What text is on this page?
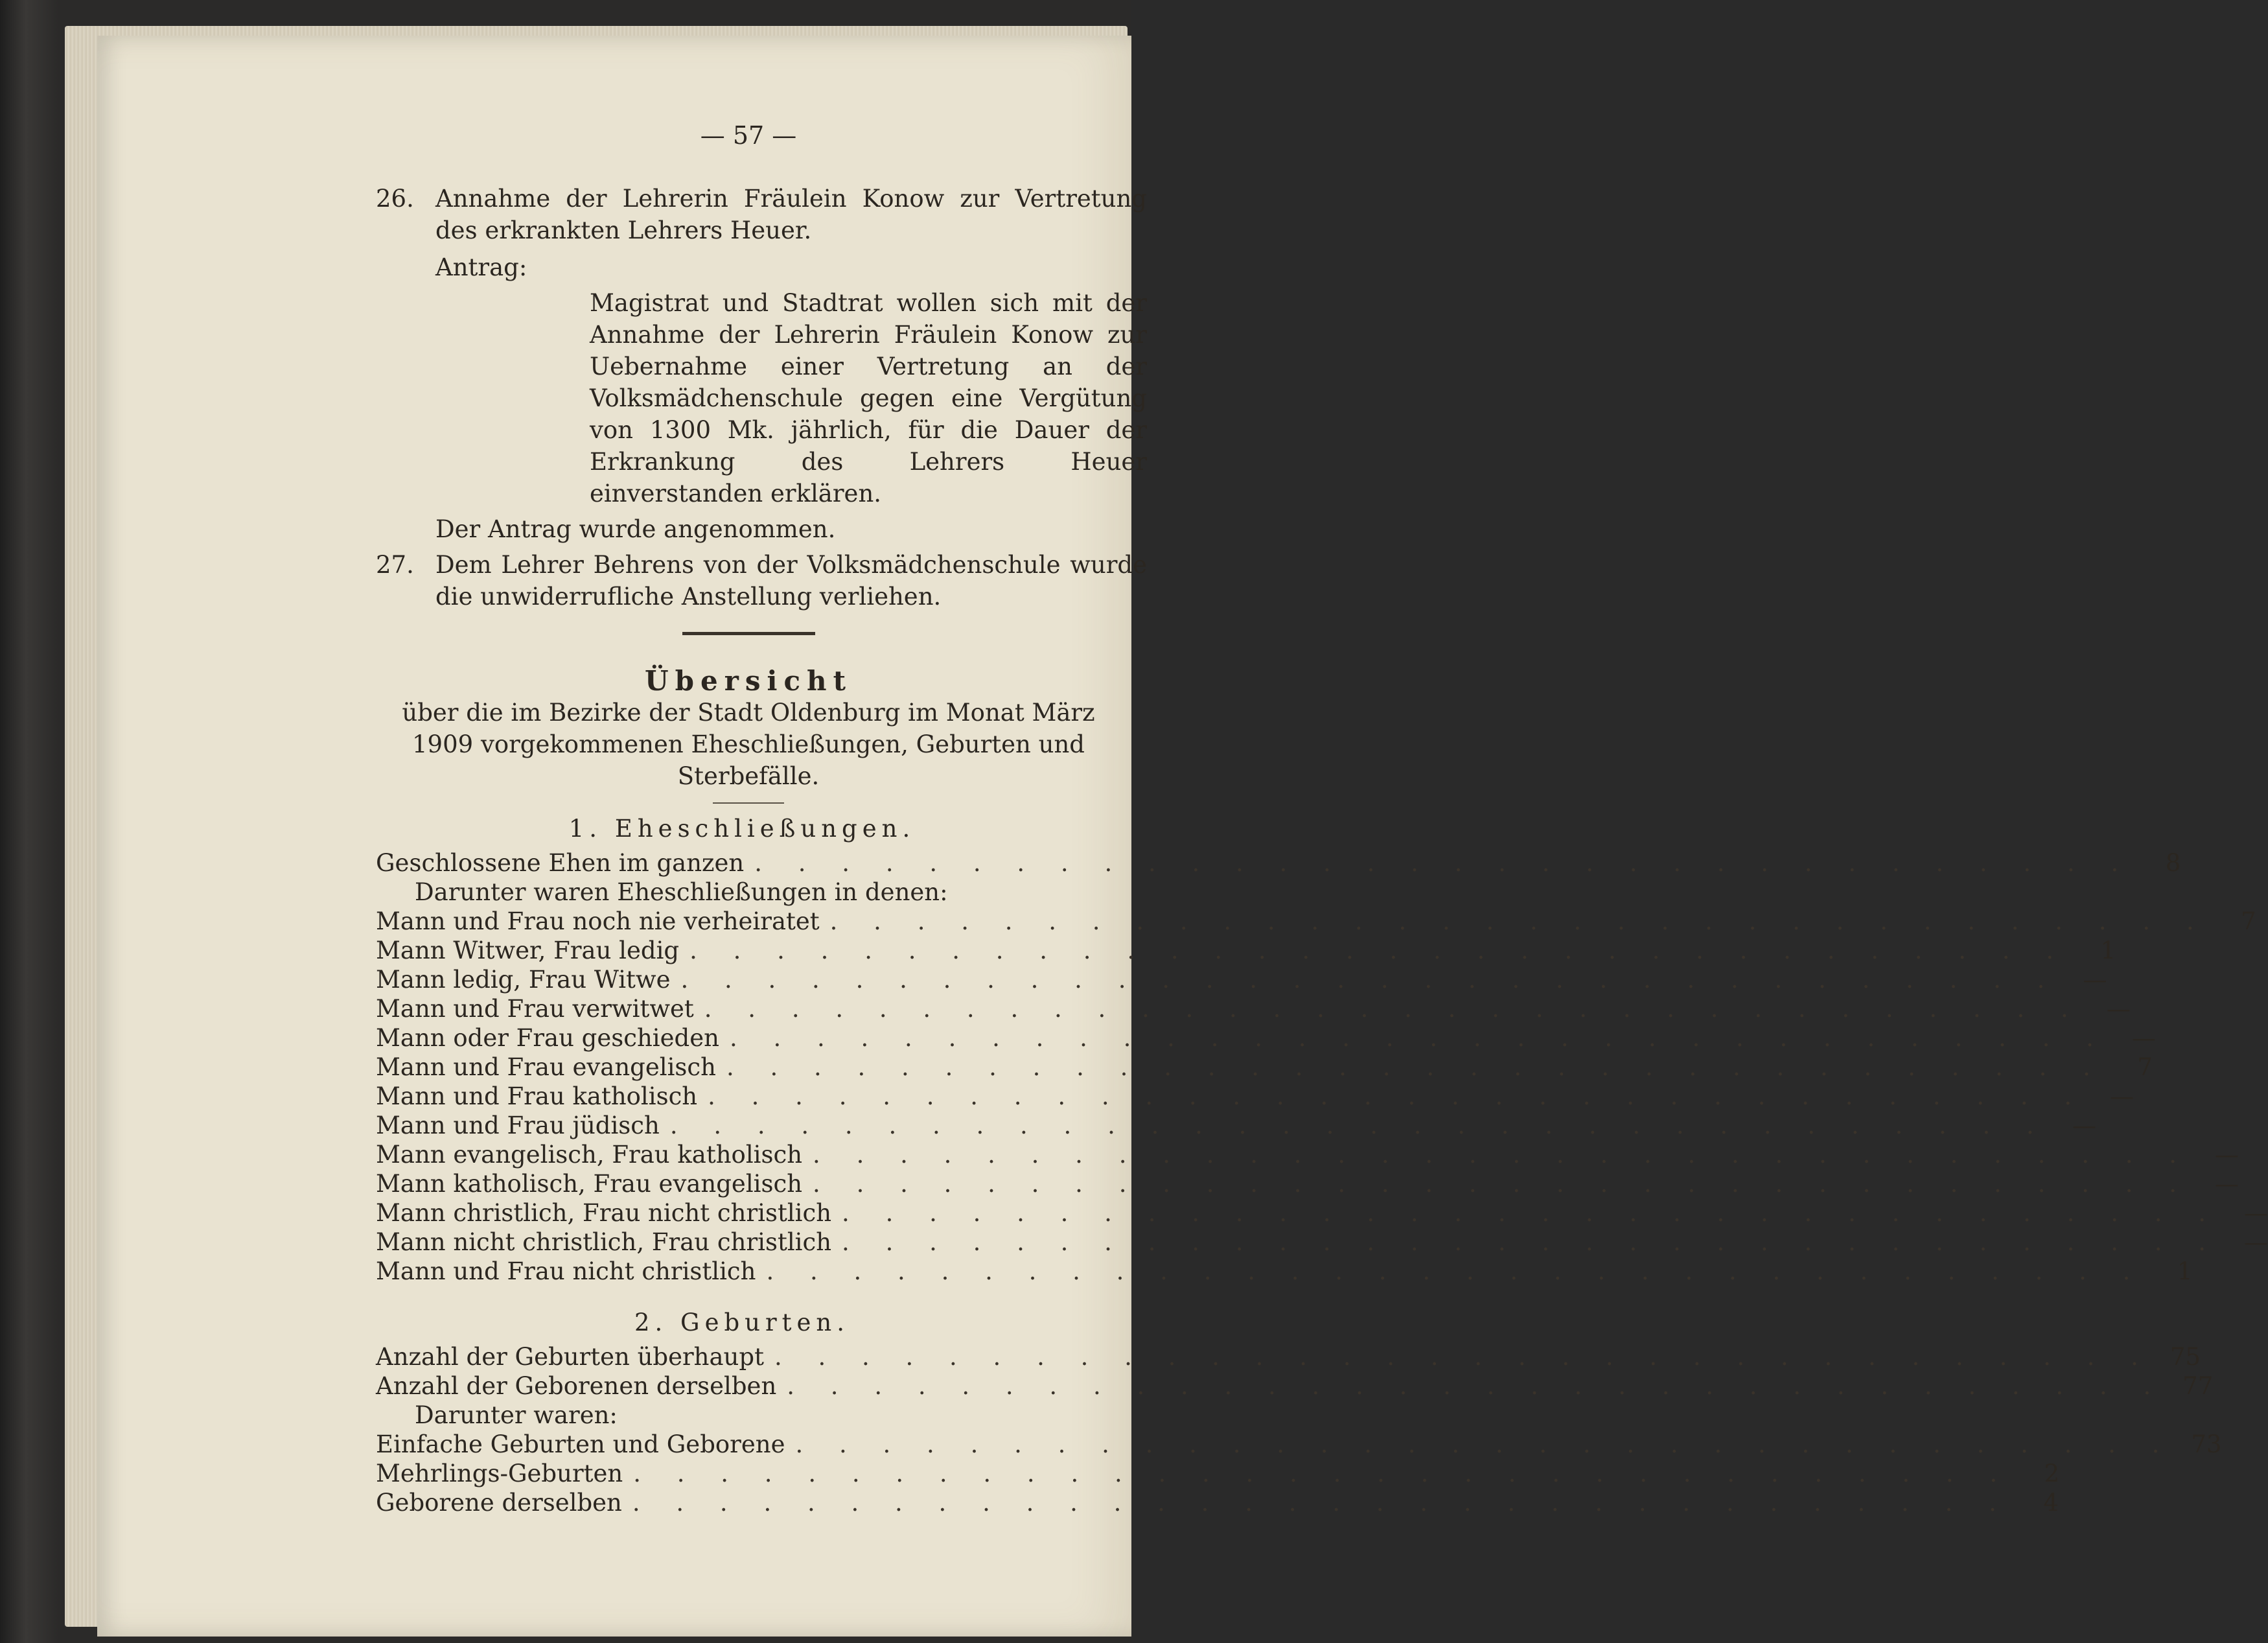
— 57 —
26. Annahme der Lehrerin Fräulein Konow zur Vertretung des erkrankten Lehrers Heuer.
Antrag:
Magistrat und Stadtrat wollen sich mit der Annahme der Lehrerin Fräulein Konow zur Uebernahme einer Vertretung an der Volksmädchenschule gegen eine Vergütung von 1300 Mk. jährlich, für die Dauer der Erkrankung des Lehrers Heuer einverstanden erklären.
Der Antrag wurde angenommen.
27. Dem Lehrer Behrens von der Volksmädchenschule wurde die unwiderrufliche Anstellung verliehen.
Übersicht
über die im Bezirke der Stadt Oldenburg im Monat März 1909 vorgekommenen Eheschließungen, Geburten und Sterbefälle.
1. Eheschließungen.
Geschlossene Ehen im ganzen . . . . . . . . . . . . . . . . . . . . . . . . . . . . . . . .	8
Darunter waren Eheschließungen in denen:
Mann und Frau noch nie verheiratet . . . . . . . . . . . . . . . . . . . . . . . . . . . . . . . .	7
Mann Witwer, Frau ledig . . . . . . . . . . . . . . . . . . . . . . . . . . . . . . . .	1
Mann ledig, Frau Witwe . . . . . . . . . . . . . . . . . . . . . . . . . . . . . . . .	—
Mann und Frau verwitwet . . . . . . . . . . . . . . . . . . . . . . . . . . . . . . . .	—
Mann oder Frau geschieden . . . . . . . . . . . . . . . . . . . . . . . . . . . . . . . .	—
Mann und Frau evangelisch . . . . . . . . . . . . . . . . . . . . . . . . . . . . . . . .	7
Mann und Frau katholisch . . . . . . . . . . . . . . . . . . . . . . . . . . . . . . . .	—
Mann und Frau jüdisch . . . . . . . . . . . . . . . . . . . . . . . . . . . . . . . .	—
Mann evangelisch, Frau katholisch . . . . . . . . . . . . . . . . . . . . . . . . . . . . . . . .	—
Mann katholisch, Frau evangelisch . . . . . . . . . . . . . . . . . . . . . . . . . . . . . . . .	—
Mann christlich, Frau nicht christlich . . . . . . . . . . . . . . . . . . . . . . . . . . . . . . . .	—
Mann nicht christlich, Frau christlich . . . . . . . . . . . . . . . . . . . . . . . . . . . . . . . .	—
Mann und Frau nicht christlich . . . . . . . . . . . . . . . . . . . . . . . . . . . . . . . .	1
2. Geburten.
Anzahl der Geburten überhaupt . . . . . . . . . . . . . . . . . . . . . . . . . . . . . . . . 75
Anzahl der Geborenen derselben . . . . . . . . . . . . . . . . . . . . . . . . . . . . . . . . 77
Darunter waren:
Einfache Geburten und Geborene . . . . . . . . . . . . . . . . . . . . . . . . . . . . . . . . 73
Mehrlings-Geburten . . . . . . . . . . . . . . . . . . . . . . . . . . . . . . . .	2
Geborene derselben . . . . . . . . . . . . . . . . . . . . . . . . . . . . . . . .	4
